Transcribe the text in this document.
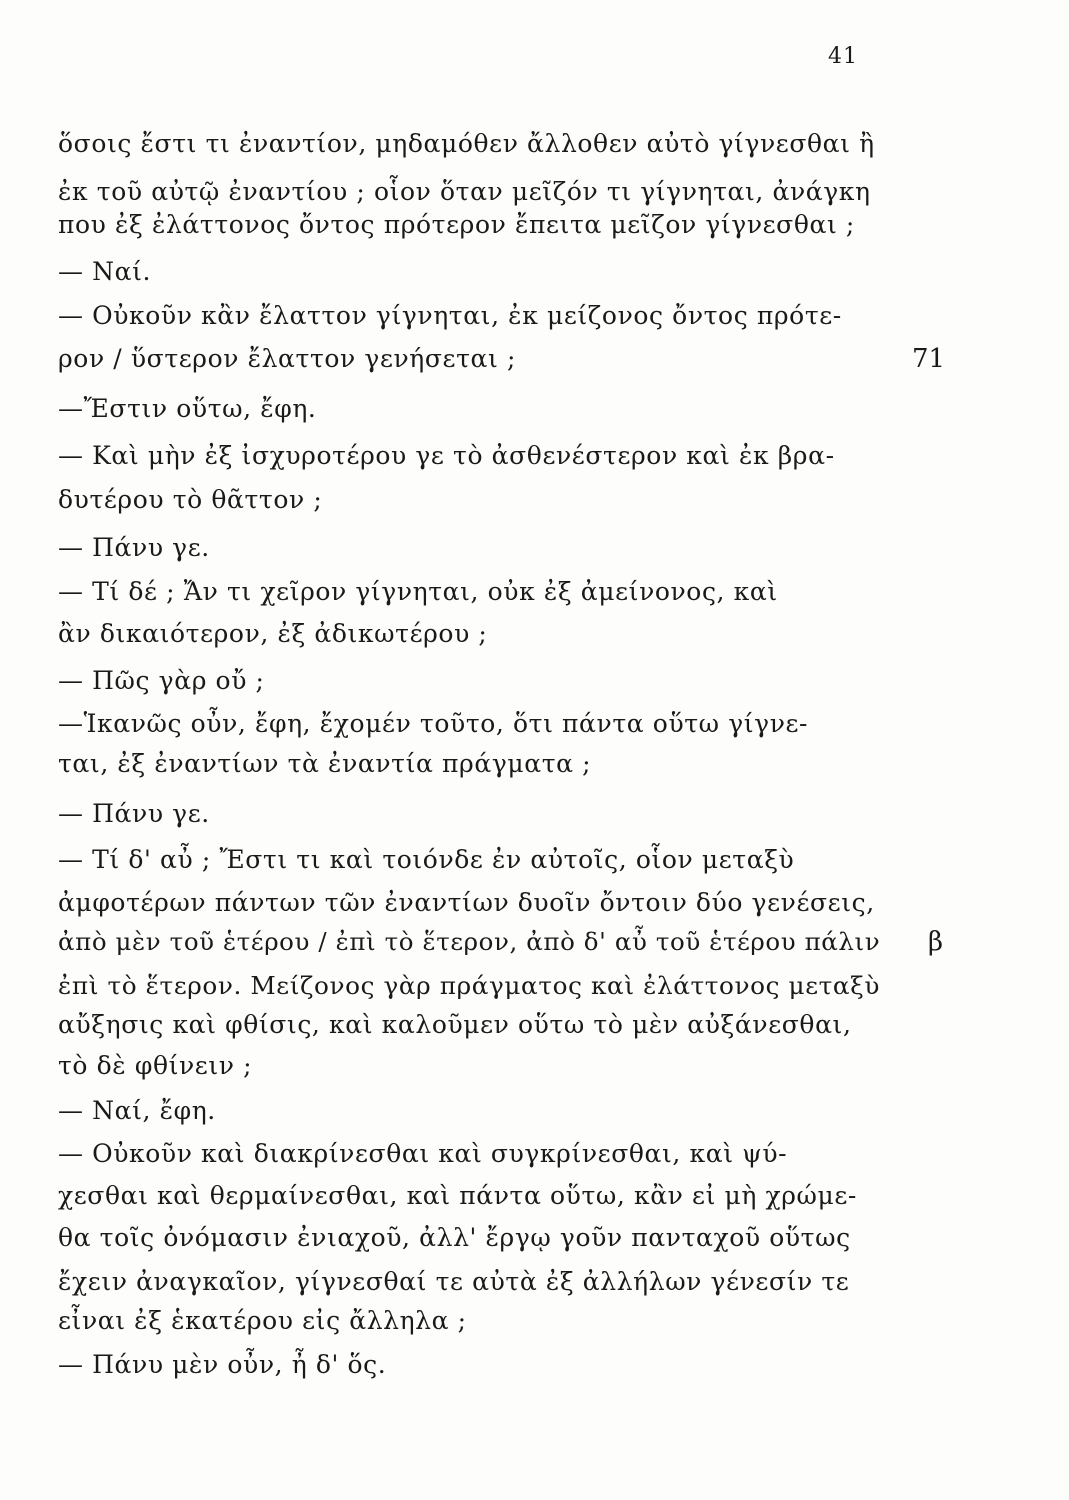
41
ὅσοις ἔστι τι ἐναντίον, μηδαμόθεν ἄλλοθεν αὐτὸ γίγνεσθαι ἢ
ἐκ τοῦ αὐτῷ ἐναντίου ; οἷον ὅταν μεῖζόν τι γίγνηται, ἀνάγκη
που ἐξ ἐλάττονος ὄντος πρότερον ἔπειτα μεῖζον γίγνεσθαι ;
— Ναί.
— Οὐκοῦν κἂν ἔλαττον γίγνηται, ἐκ μείζονος ὄντος πρότε-
ρον / ὕστερον ἔλαττον γενήσεται ;
—Ἔστιν οὕτω, ἔφη.
— Καὶ μὴν ἐξ ἰσχυροτέρου γε τὸ ἀσθενέστερον καὶ ἐκ βρα-
δυτέρου τὸ θᾶττον ;
— Πάνυ γε.
— Τί δέ ; Ἄν τι χεῖρον γίγνηται, οὐκ ἐξ ἀμείνονος, καὶ
ἂν δικαιότερον, ἐξ ἀδικωτέρου ;
— Πῶς γὰρ οὔ ;
—Ἱκανῶς οὖν, ἔφη, ἔχομέν τοῦτο, ὅτι πάντα οὕτω γίγνε-
ται, ἐξ ἐναντίων τὰ ἐναντία πράγματα ;
— Πάνυ γε.
— Τί δ' αὖ ; Ἔστι τι καὶ τοιόνδε ἐν αὐτοῖς, οἷον μεταξὺ
ἀμφοτέρων πάντων τῶν ἐναντίων δυοῖν ὄντοιν δύο γενέσεις,
ἀπὸ μὲν τοῦ ἑτέρου / ἐπὶ τὸ ἕτερον, ἀπὸ δ' αὖ τοῦ ἑτέρου πάλιν
ἐπὶ τὸ ἕτερον. Μείζονος γὰρ πράγματος καὶ ἐλάττονος μεταξὺ
αὔξησις καὶ φθίσις, καὶ καλοῦμεν οὕτω τὸ μὲν αὐξάνεσθαι,
τὸ δὲ φθίνειν ;
— Ναί, ἔφη.
— Οὐκοῦν καὶ διακρίνεσθαι καὶ συγκρίνεσθαι, καὶ ψύ-
χεσθαι καὶ θερμαίνεσθαι, καὶ πάντα οὕτω, κἂν εἰ μὴ χρώμε-
θα τοῖς ὀνόμασιν ἐνιαχοῦ, ἀλλ' ἔργῳ γοῦν πανταχοῦ οὕτως
ἔχειν ἀναγκαῖον, γίγνεσθαί τε αὐτὰ ἐξ ἀλλήλων γένεσίν τε
εἶναι ἐξ ἑκατέρου εἰς ἄλληλα ;
— Πάνυ μὲν οὖν, ἦ δ' ὅς.
71
β
